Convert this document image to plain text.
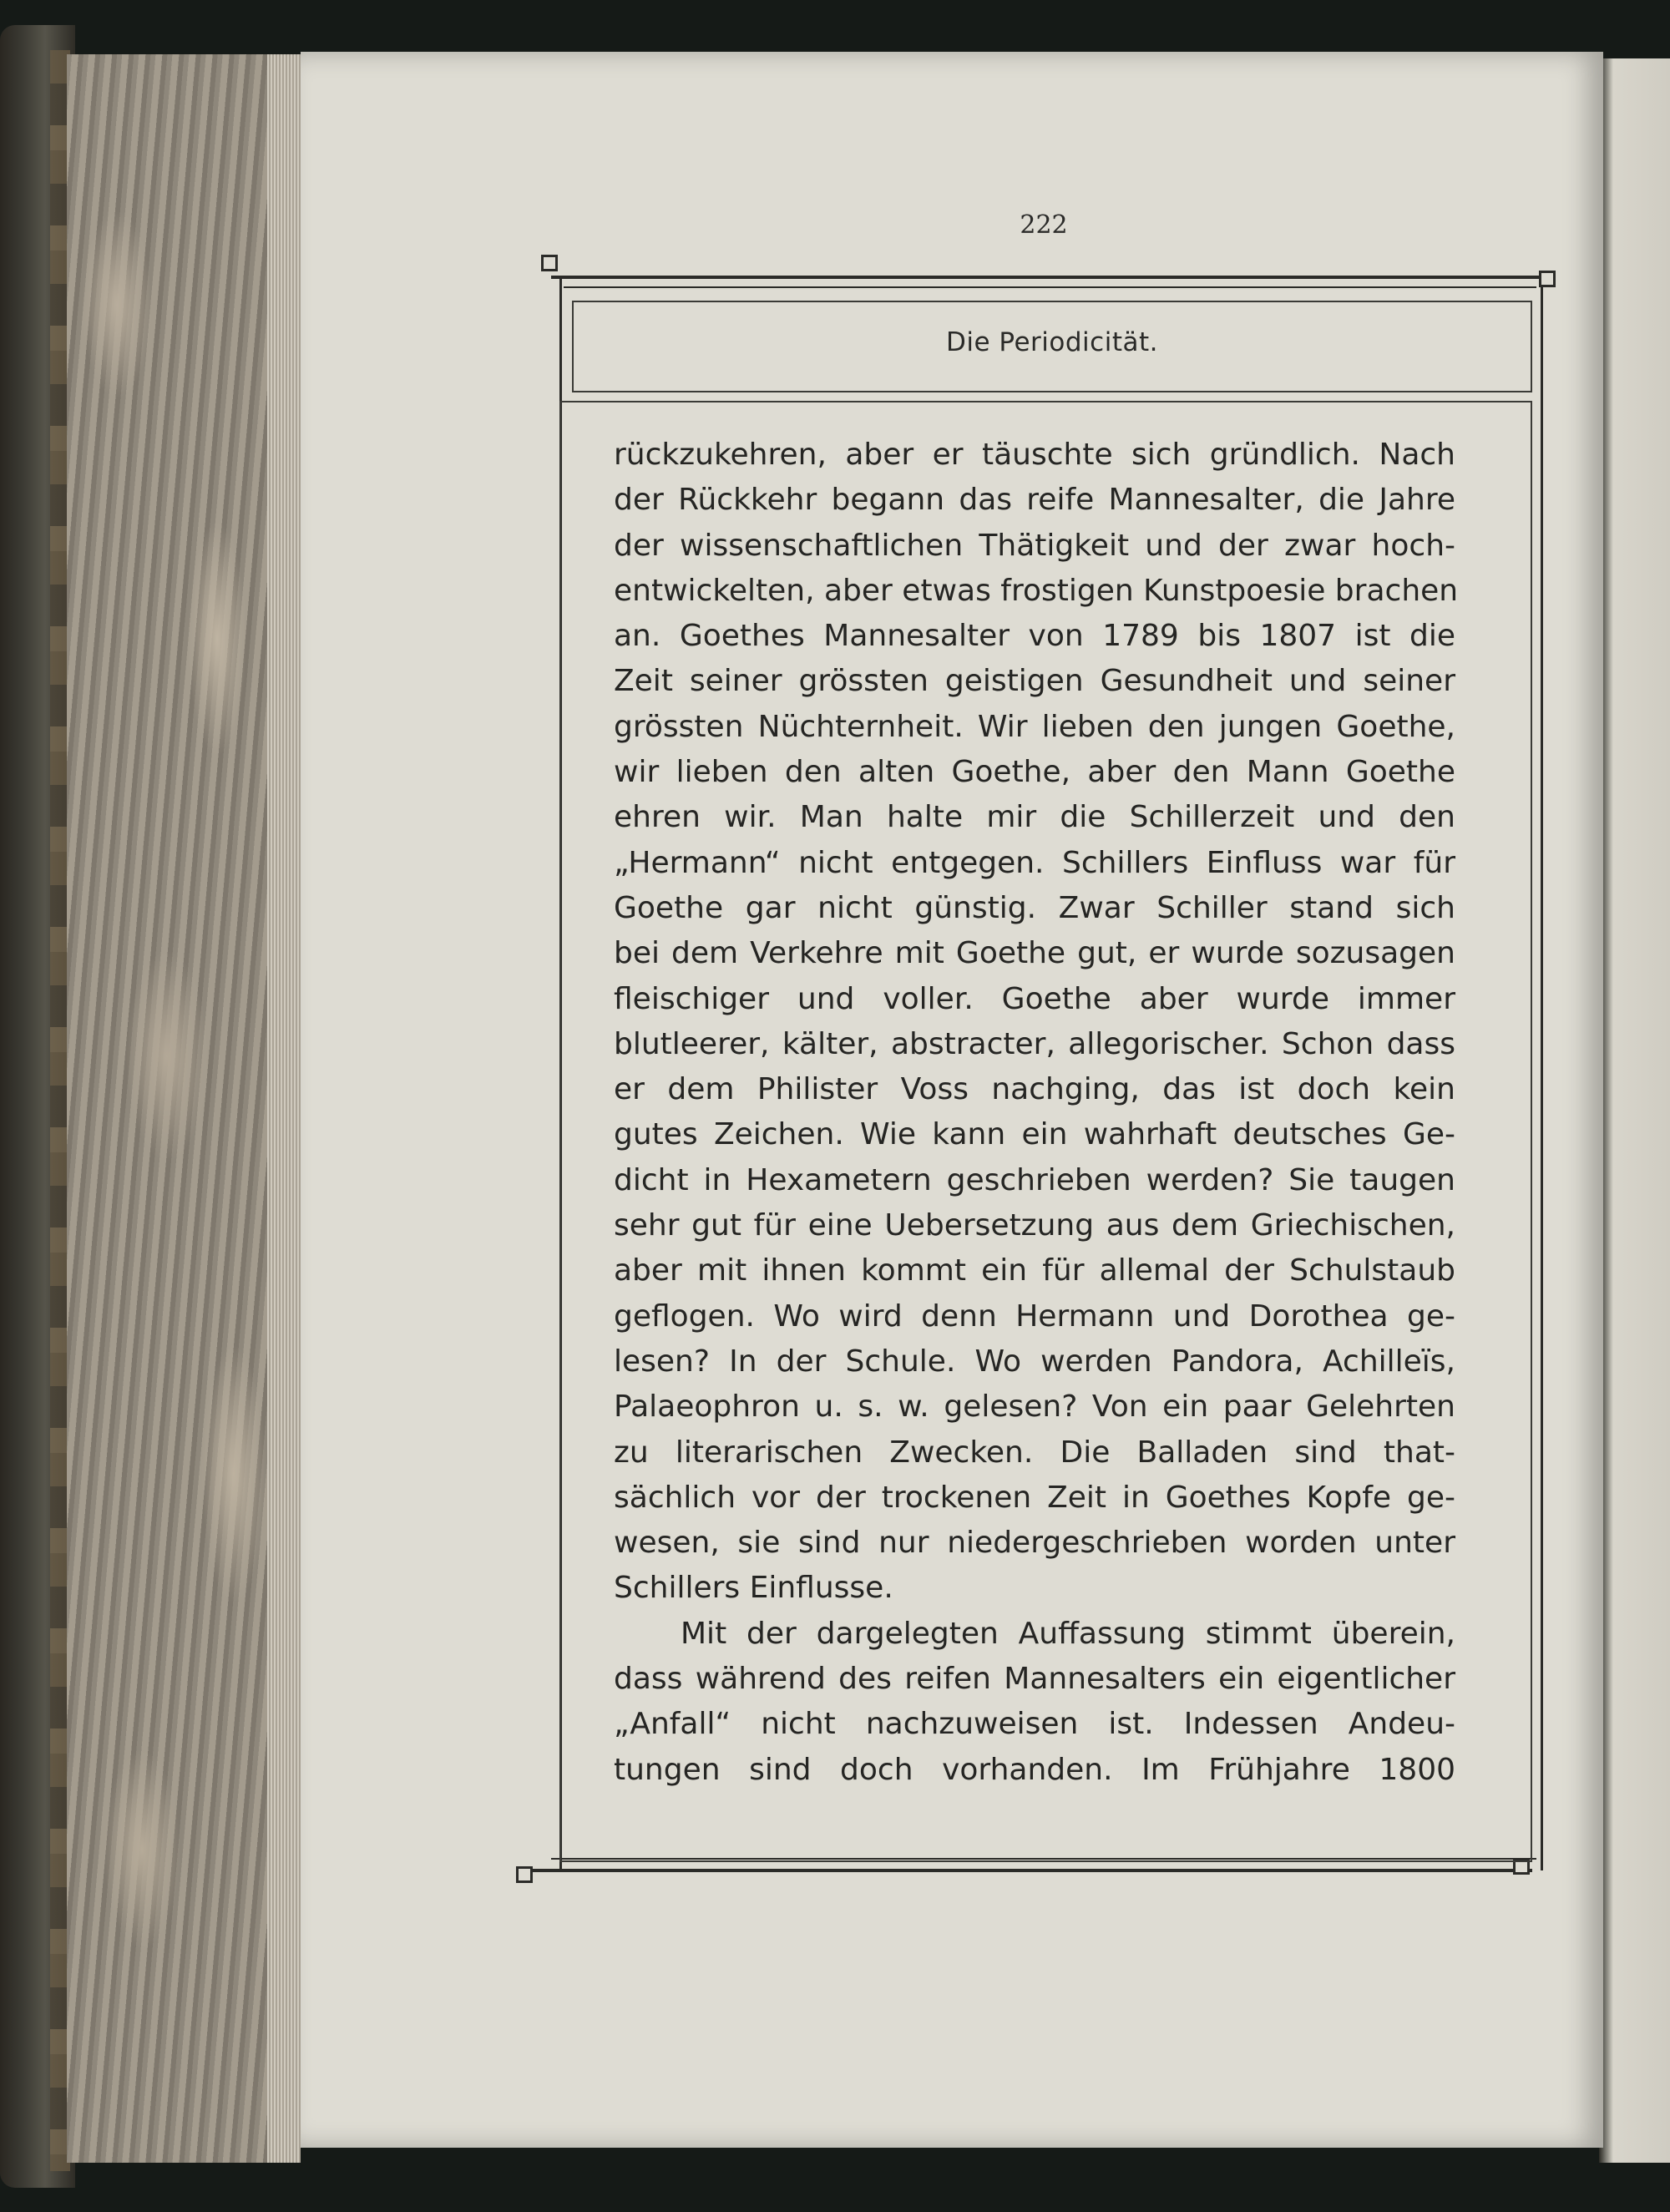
222
Die Periodicität.
rückzukehren, aber er täuschte sich gründlich. Nach
der Rückkehr begann das reife Mannesalter, die Jahre
der wissenschaftlichen Thätigkeit und der zwar hoch-
entwickelten, aber etwas frostigen Kunstpoesie brachen
an. Goethes Mannesalter von 1789 bis 1807 ist die
Zeit seiner grössten geistigen Gesundheit und seiner
grössten Nüchternheit. Wir lieben den jungen Goethe,
wir lieben den alten Goethe, aber den Mann Goethe
ehren wir. Man halte mir die Schillerzeit und den
„Hermann“ nicht entgegen. Schillers Einfluss war für
Goethe gar nicht günstig. Zwar Schiller stand sich
bei dem Verkehre mit Goethe gut, er wurde sozusagen
fleischiger und voller. Goethe aber wurde immer
blutleerer, kälter, abstracter, allegorischer. Schon dass
er dem Philister Voss nachging, das ist doch kein
gutes Zeichen. Wie kann ein wahrhaft deutsches Ge-
dicht in Hexametern geschrieben werden? Sie taugen
sehr gut für eine Uebersetzung aus dem Griechischen,
aber mit ihnen kommt ein für allemal der Schulstaub
geflogen. Wo wird denn Hermann und Dorothea ge-
lesen? In der Schule. Wo werden Pandora, Achilleïs,
Palaeophron u. s. w. gelesen? Von ein paar Gelehrten
zu literarischen Zwecken. Die Balladen sind that-
sächlich vor der trockenen Zeit in Goethes Kopfe ge-
wesen, sie sind nur niedergeschrieben worden unter
Schillers Einflusse.
Mit der dargelegten Auffassung stimmt überein,
dass während des reifen Mannesalters ein eigentlicher
„Anfall“ nicht nachzuweisen ist. Indessen Andeu-
tungen sind doch vorhanden. Im Frühjahre 1800
